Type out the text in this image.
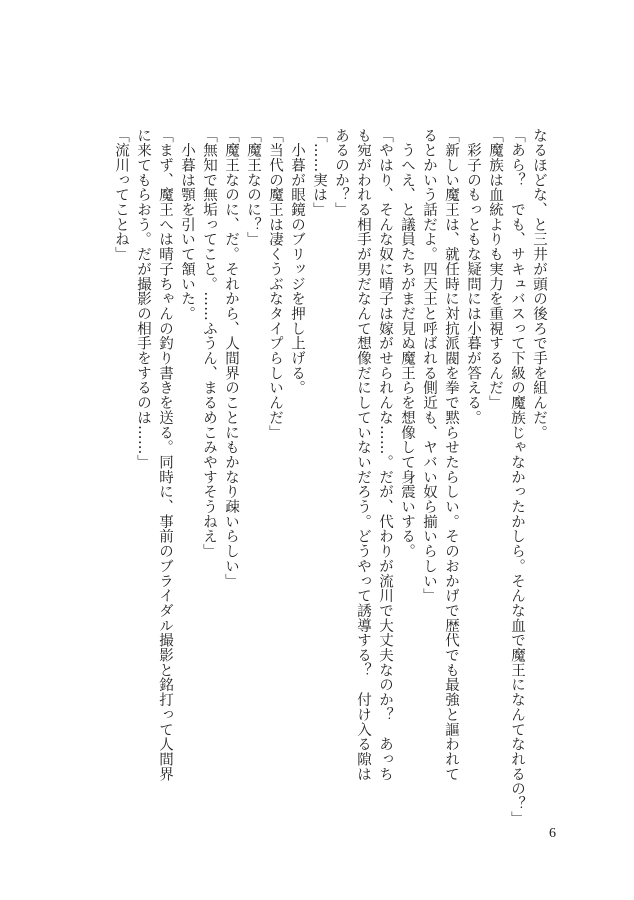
なるほどな、と三井が頭の後ろで手を組んだ。
「あら？　でも、サキュバスって下級の魔族じゃなかったかしら。そんな血で魔王になんてなれるの？」
「魔族は血統よりも実力を重視するんだ」
　彩子のもっともな疑問には小暮が答える。
「新しい魔王は、就任時に対抗派閥を拳で黙らせたらしい。そのおかげで歴代でも最強と謳われてるとかいう話だよ。四天王と呼ばれる側近も、ヤバい奴ら揃いらしい」
　うへえ、と議員たちがまだ見ぬ魔王らを想像して身震いする。
「やはり、そんな奴に晴子は嫁がせられんな……。だが、代わりが流川で大丈夫なのか？　あっちも宛がわれる相手が男だなんて想像だにしていないだろう。どうやって誘導する？　付け入る隙はあるのか？」
「……実は」
　小暮が眼鏡のブリッジを押し上げる。
「当代の魔王は凄くうぶなタイプらしいんだ」
「魔王なのに？」
「魔王なのに、だ。それから、人間界のことにもかなり疎いらしい」
「無知で無垢ってこと。……ふうん、まるめこみやすそうねえ」
　小暮は顎を引いて頷いた。
「まず、魔王へは晴子ちゃんの釣り書きを送る。同時に、事前のブライダル撮影と銘打って人間界に来てもらおう。だが撮影の相手をするのは……」
「流川ってことね」
6
